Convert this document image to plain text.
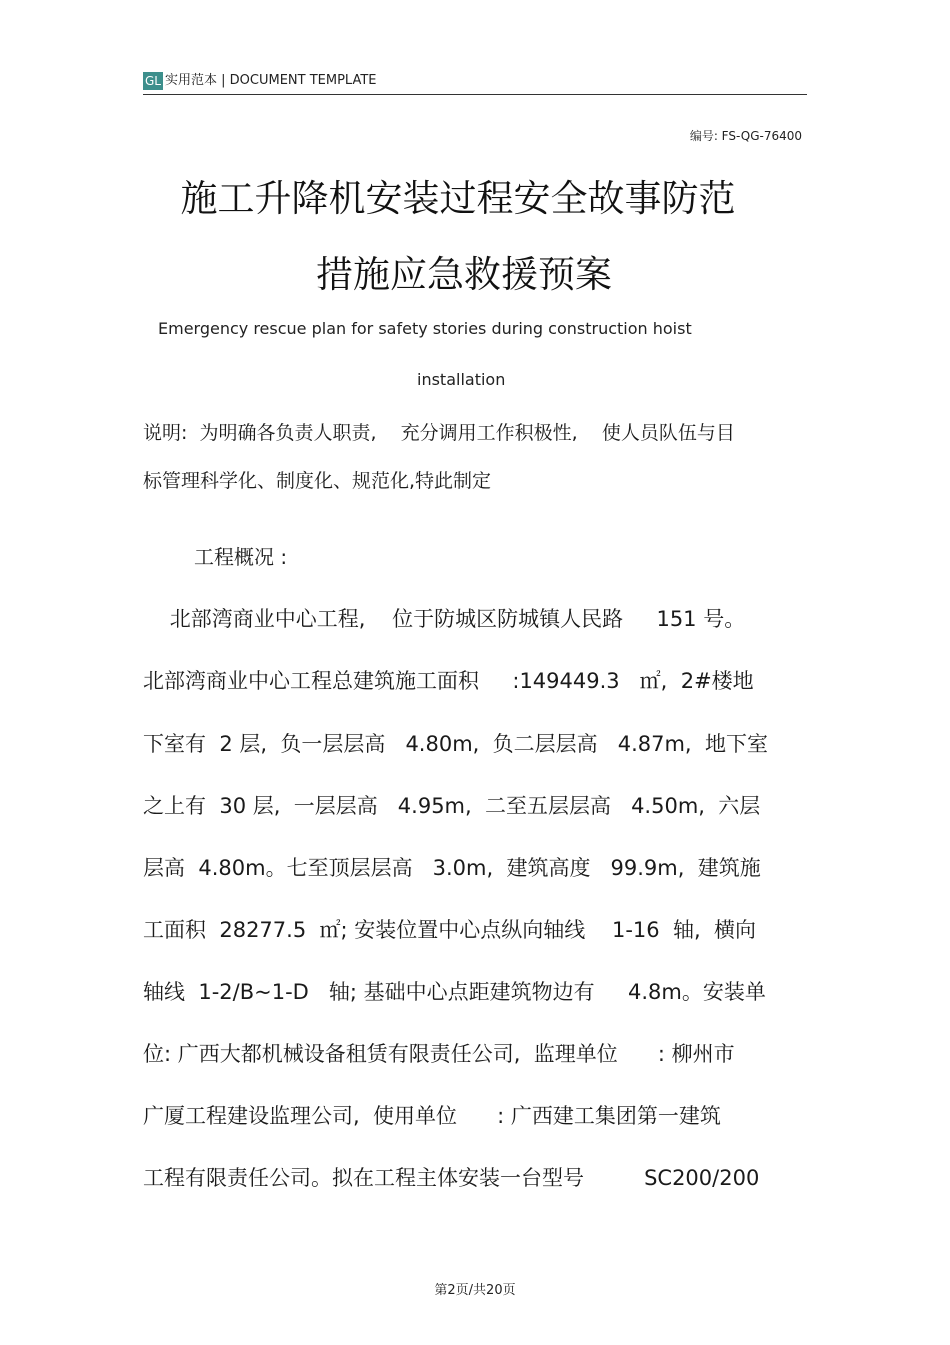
GL 实用范本 | DOCUMENT TEMPLATE
编号: FS-QG-76400
施工升降机安装过程安全故事防范
措施应急救援预案
Emergency rescue plan for safety stories during construction hoist
installation
说明:  为明确各负责人职责,    充分调用工作积极性,    使人员队伍与目
标管理科学化、制度化、规范化,特此制定
工程概况 :
北部湾商业中心工程,    位于防城区防城镇人民路     151 号。
北部湾商业中心工程总建筑施工面积     :149449.3   ㎡,  2#楼地
下室有  2 层,  负一层层高   4.80m,  负二层层高   4.87m,  地下室
之上有  30 层,  一层层高   4.95m,  二至五层层高   4.50m,  六层
层高  4.80m。七至顶层层高   3.0m,  建筑高度   99.9m,  建筑施
工面积  28277.5  ㎡; 安装位置中心点纵向轴线    1-16  轴,  横向
轴线  1-2/B~1-D   轴; 基础中心点距建筑物边有     4.8m。安装单
位: 广西大都机械设备租赁有限责任公司,  监理单位      : 柳州市
广厦工程建设监理公司,  使用单位      : 广西建工集团第一建筑
工程有限责任公司。拟在工程主体安装一台型号         SC200/200
第2页/共20页
